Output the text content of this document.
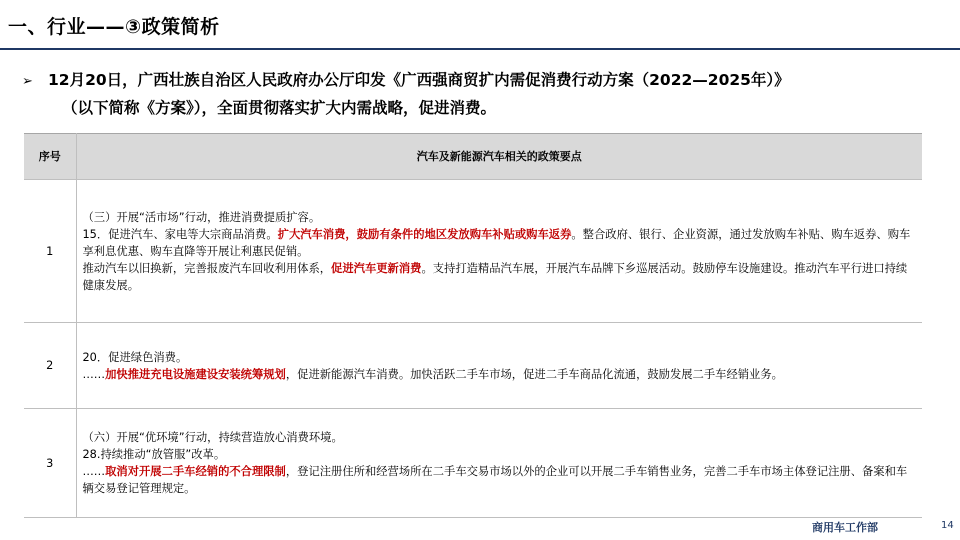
一、行业——③政策简析
➢ 12月20日，广西壮族自治区人民政府办公厅印发《广西强商贸扩内需促消费行动方案（2022—2025年）》
（以下简称《方案》），全面贯彻落实扩大内需战略，促进消费。
序号	汽车及新能源汽车相关的政策要点
1	（三）开展“活市场”行动，推进消费提质扩容。
15．促进汽车、家电等大宗商品消费。扩大汽车消费，鼓励有条件的地区发放购车补贴或购车返券。整合政府、银行、企业资源，通过发放购车补贴、购车返券、购车享利息优惠、购车直降等开展让利惠民促销。
推动汽车以旧换新，完善报废汽车回收利用体系，促进汽车更新消费。支持打造精品汽车展，开展汽车品牌下乡巡展活动。鼓励停车设施建设。推动汽车平行进口持续健康发展。

2	20．促进绿色消费。
……加快推进充电设施建设安装统筹规划，促进新能源汽车消费。加快活跃二手车市场，促进二手车商品化流通，鼓励发展二手车经销业务。

3	（六）开展“优环境”行动，持续营造放心消费环境。
28.持续推动“放管服”改革。
……取消对开展二手车经销的不合理限制，登记注册住所和经营场所在二手车交易市场以外的企业可以开展二手车销售业务，完善二手车市场主体登记注册、备案和车辆交易登记管理规定。
商用车工作部	14
